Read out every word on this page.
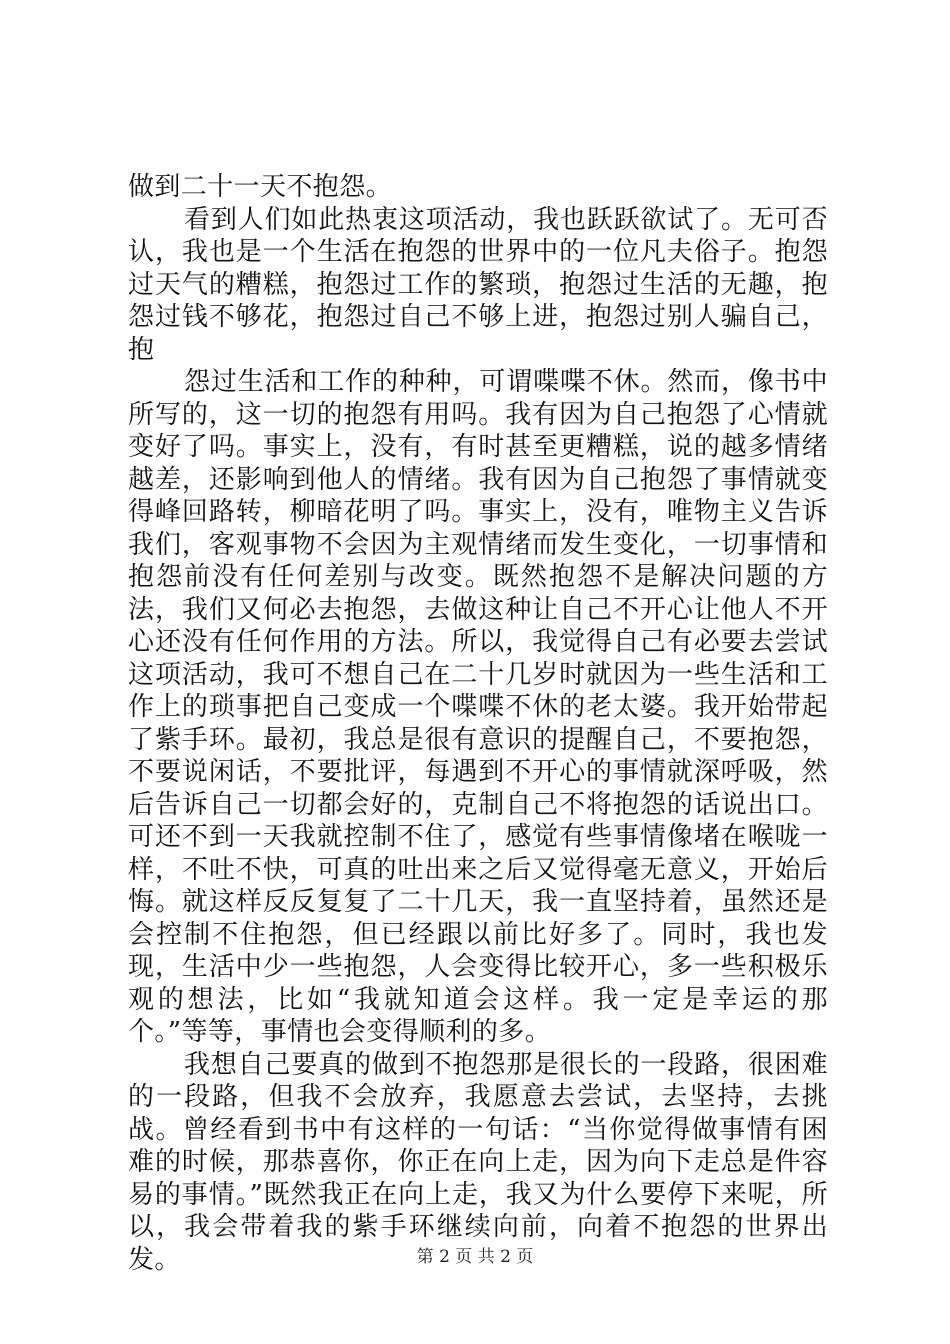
做到二十一天不抱怨。

看到人们如此热衷这项活动，我也跃跃欲试了。无可否认，我也是一个生活在抱怨的世界中的一位凡夫俗子。抱怨过天气的糟糕，抱怨过工作的繁琐，抱怨过生活的无趣，抱怨过钱不够花，抱怨过自己不够上进，抱怨过别人骗自己，抱

怨过生活和工作的种种，可谓喋喋不休。然而，像书中所写的，这一切的抱怨有用吗。我有因为自己抱怨了心情就变好了吗。事实上，没有，有时甚至更糟糕，说的越多情绪越差，还影响到他人的情绪。我有因为自己抱怨了事情就变得峰回路转，柳暗花明了吗。事实上，没有，唯物主义告诉我们，客观事物不会因为主观情绪而发生变化，一切事情和抱怨前没有任何差别与改变。既然抱怨不是解决问题的方法，我们又何必去抱怨，去做这种让自己不开心让他人不开心还没有任何作用的方法。所以，我觉得自己有必要去尝试这项活动，我可不想自己在二十几岁时就因为一些生活和工作上的琐事把自己变成一个喋喋不休的老太婆。我开始带起了紫手环。最初，我总是很有意识的提醒自己，不要抱怨，不要说闲话，不要批评，每遇到不开心的事情就深呼吸，然后告诉自己一切都会好的，克制自己不将抱怨的话说出口。可还不到一天我就控制不住了，感觉有些事情像堵在喉咙一样，不吐不快，可真的吐出来之后又觉得毫无意义，开始后悔。就这样反反复复了二十几天，我一直坚持着，虽然还是会控制不住抱怨，但已经跟以前比好多了。同时，我也发现，生活中少一些抱怨，人会变得比较开心，多一些积极乐观的想法，比如“我就知道会这样。我一定是幸运的那个。”等等，事情也会变得顺利的多。

我想自己要真的做到不抱怨那是很长的一段路，很困难的一段路，但我不会放弃，我愿意去尝试，去坚持，去挑战。曾经看到书中有这样的一句话：“当你觉得做事情有困难的时候，那恭喜你，你正在向上走，因为向下走总是件容易的事情。”既然我正在向上走，我又为什么要停下来呢，所以，我会带着我的紫手环继续向前，向着不抱怨的世界出发。	第 2 页 共 2 页
